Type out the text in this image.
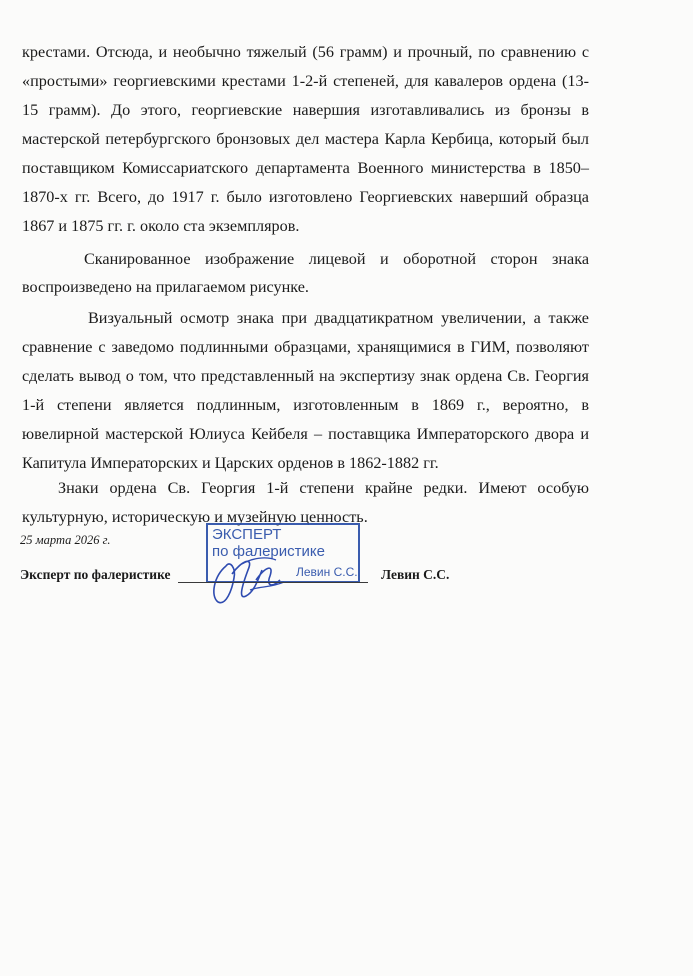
крестами. Отсюда, и необычно тяжелый (56 грамм) и прочный, по сравнению с
«простыми» георгиевскими крестами 1-2-й степеней, для кавалеров ордена (13-
15 грамм). До этого, георгиевские навершия изготавливались из бронзы в
мастерской петербургского бронзовых дел мастера Карла Кербица, который был
поставщиком Комиссариатского департамента Военного министерства в 1850–
1870-х гг. Всего, до 1917 г. было изготовлено Георгиевских наверший образца
1867 и 1875 гг. г. около ста экземпляров.
Сканированное изображение лицевой и оборотной сторон знака
воспроизведено на прилагаемом рисунке.
Визуальный осмотр знака при двадцатикратном увеличении, а также
сравнение с заведомо подлинными образцами, хранящимися в ГИМ, позволяют
сделать вывод о том, что представленный на экспертизу знак ордена Св. Георгия
1-й степени является подлинным, изготовленным в 1869 г., вероятно, в
ювелирной мастерской Юлиуса Кейбеля – поставщика Императорского двора и
Капитула Императорских и Царских орденов в 1862-1882 гг.
Знаки ордена Св. Георгия 1-й степени крайне редки. Имеют особую
культурную, историческую и музейную ценность.
25 марта 2026 г.	ЭКСПЕРТ
по фалеристике
Левин С.С.
Эксперт по фалеристике	Левин С.С.
